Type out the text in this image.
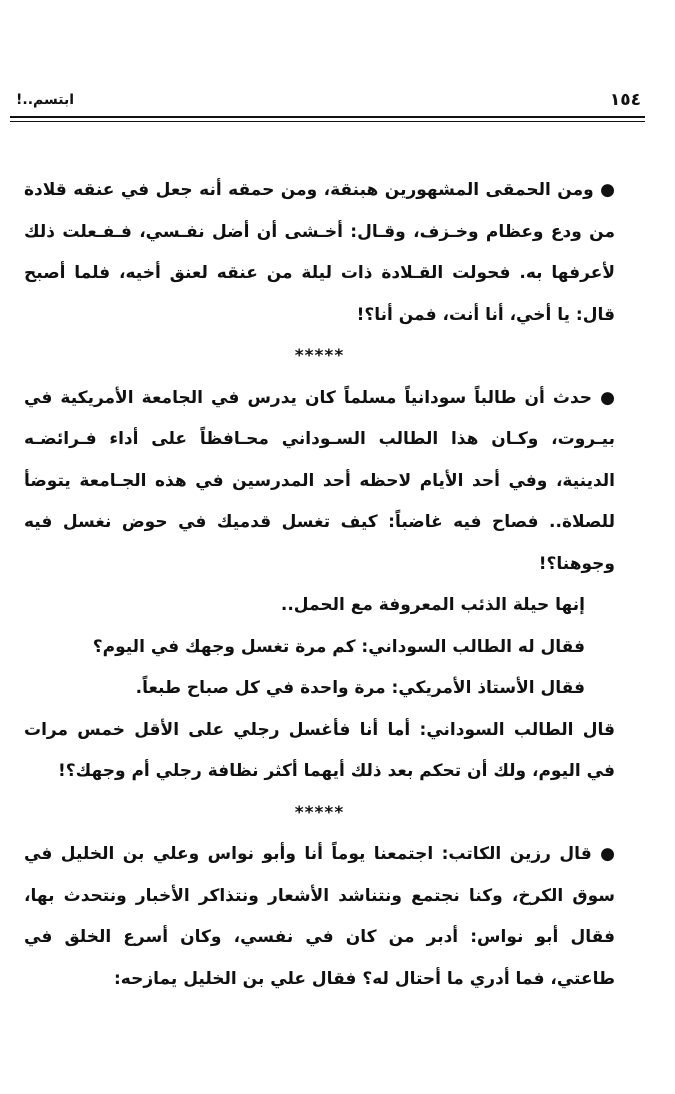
١٥٤
ابتسم..!

● ومن الحمقى المشهورين هبنقة، ومن حمقه أنه جعل في عنقه قلادة من ودع وعظام وخـزف، وقـال: أخـشى أن أضل نفـسي، فـفـعلت ذلك لأعرفها به. فحولت القـلادة ذات ليلة من عنقه لعنق أخيه، فلما أصبح قال: يا أخي، أنا أنت، فمن أنا؟!

*****

● حدث أن طالباً سودانياً مسلماً كان يدرس في الجامعة الأمريكية في بيـروت، وكـان هذا الطالب السـوداني محـافظاً على أداء فـرائضـه الدينية، وفي أحد الأيام لاحظه أحد المدرسين في هذه الجـامعة يتوضأ للصلاة.. فصاح فيه غاضباً: كيف تغسل قدميك في حوض نغسل فيه وجوهنا؟!

إنها حيلة الذئب المعروفة مع الحمل..

فقال له الطالب السوداني: كم مرة تغسل وجهك في اليوم؟

فقال الأستاذ الأمريكي: مرة واحدة في كل صباح طبعاً.

قال الطالب السوداني: أما أنا فأغسل رجلي على الأقل خمس مرات في اليوم، ولك أن تحكم بعد ذلك أيهما أكثر نظافة رجلي أم وجهك؟!

*****

● قال رزين الكاتب: اجتمعنا يوماً أنا وأبو نواس وعلي بن الخليل في سوق الكرخ، وكنا نجتمع ونتناشد الأشعار ونتذاكر الأخبار ونتحدث بها، فقال أبو نواس: أدبر من كان في نفسي، وكان أسرع الخلق في طاعتي، فما أدري ما أحتال له؟ فقال علي بن الخليل يمازحه:
